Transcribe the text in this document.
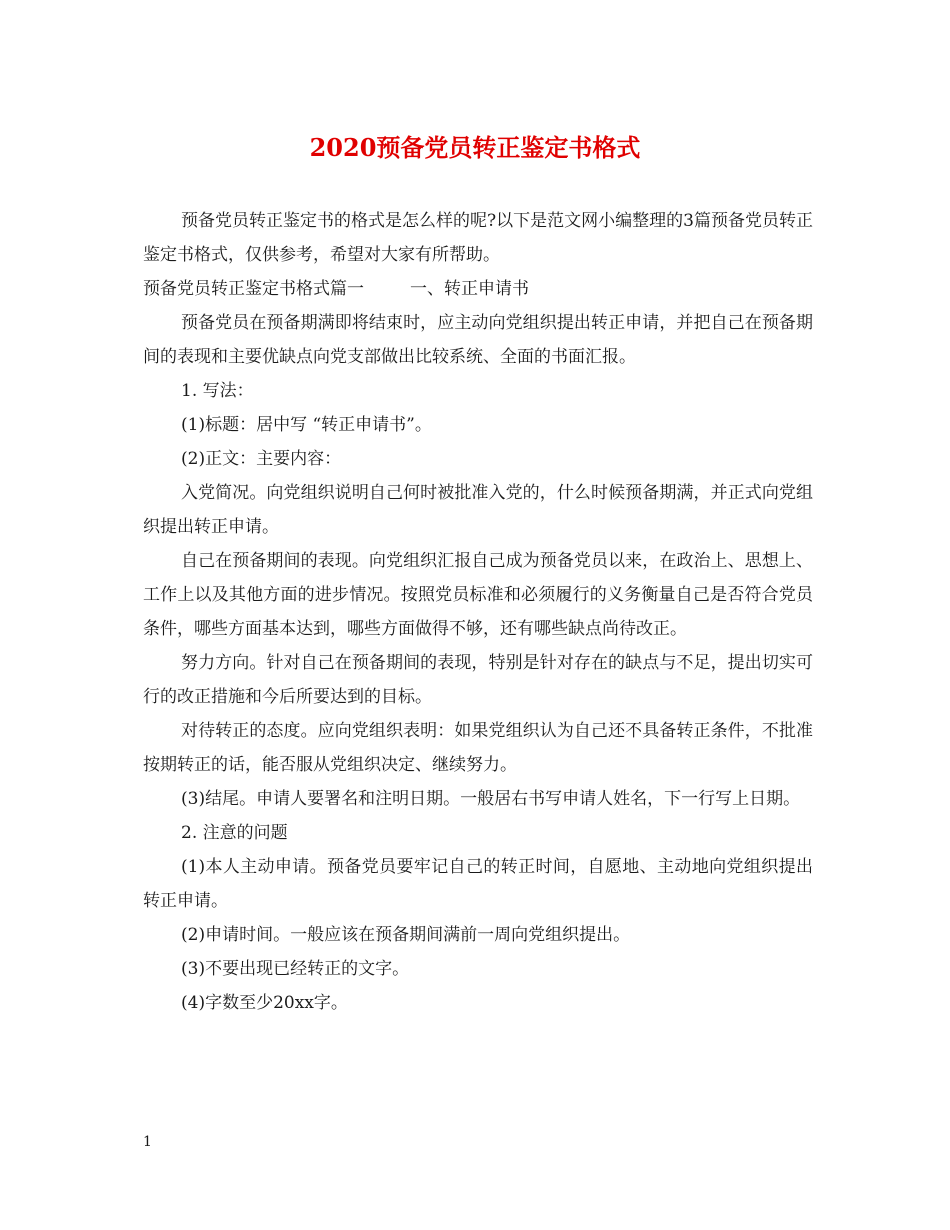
2020预备党员转正鉴定书格式

预备党员转正鉴定书的格式是怎么样的呢?以下是范文网小编整理的3篇预备党员转正鉴定书格式，仅供参考，希望对大家有所帮助。

预备党员转正鉴定书格式篇一	一、转正申请书

预备党员在预备期满即将结束时，应主动向党组织提出转正申请，并把自己在预备期间的表现和主要优缺点向党支部做出比较系统、全面的书面汇报。

1. 写法：

(1)标题：居中写 “转正申请书”。

(2)正文：主要内容：

入党简况。向党组织说明自己何时被批准入党的，什么时候预备期满，并正式向党组织提出转正申请。

自己在预备期间的表现。向党组织汇报自己成为预备党员以来，在政治上、思想上、工作上以及其他方面的进步情况。按照党员标准和必须履行的义务衡量自己是否符合党员条件，哪些方面基本达到，哪些方面做得不够，还有哪些缺点尚待改正。

努力方向。针对自己在预备期间的表现，特别是针对存在的缺点与不足，提出切实可行的改正措施和今后所要达到的目标。

对待转正的态度。应向党组织表明：如果党组织认为自己还不具备转正条件，不批准按期转正的话，能否服从党组织决定、继续努力。

(3)结尾。申请人要署名和注明日期。一般居右书写申请人姓名，下一行写上日期。

2. 注意的问题

(1)本人主动申请。预备党员要牢记自己的转正时间，自愿地、主动地向党组织提出转正申请。

(2)申请时间。一般应该在预备期间满前一周向党组织提出。

(3)不要出现已经转正的文字。

(4)字数至少20xx字。

1
